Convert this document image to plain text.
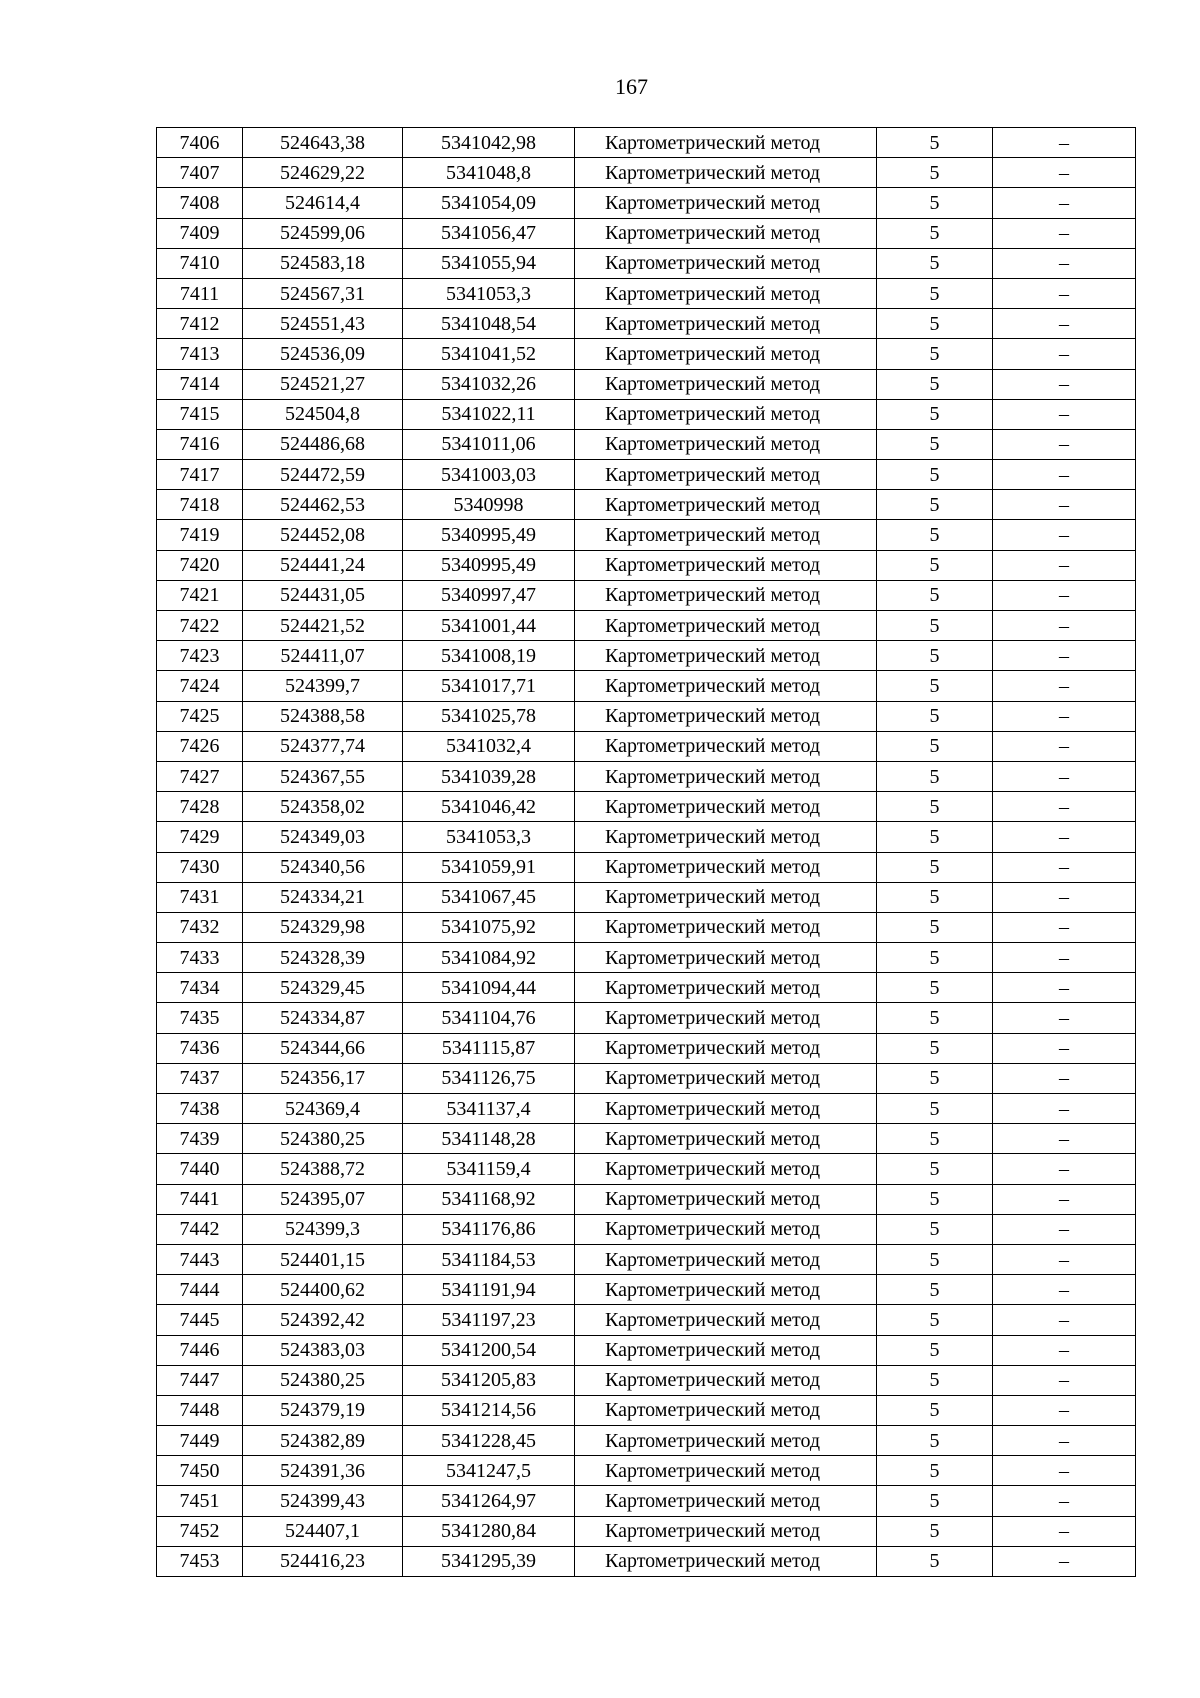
167
7406	524643,38	5341042,98	Картометрический метод	5	–
7407	524629,22	5341048,8	Картометрический метод	5	–
7408	524614,4	5341054,09	Картометрический метод	5	–
7409	524599,06	5341056,47	Картометрический метод	5	–
7410	524583,18	5341055,94	Картометрический метод	5	–
7411	524567,31	5341053,3	Картометрический метод	5	–
7412	524551,43	5341048,54	Картометрический метод	5	–
7413	524536,09	5341041,52	Картометрический метод	5	–
7414	524521,27	5341032,26	Картометрический метод	5	–
7415	524504,8	5341022,11	Картометрический метод	5	–
7416	524486,68	5341011,06	Картометрический метод	5	–
7417	524472,59	5341003,03	Картометрический метод	5	–
7418	524462,53	5340998	Картометрический метод	5	–
7419	524452,08	5340995,49	Картометрический метод	5	–
7420	524441,24	5340995,49	Картометрический метод	5	–
7421	524431,05	5340997,47	Картометрический метод	5	–
7422	524421,52	5341001,44	Картометрический метод	5	–
7423	524411,07	5341008,19	Картометрический метод	5	–
7424	524399,7	5341017,71	Картометрический метод	5	–
7425	524388,58	5341025,78	Картометрический метод	5	–
7426	524377,74	5341032,4	Картометрический метод	5	–
7427	524367,55	5341039,28	Картометрический метод	5	–
7428	524358,02	5341046,42	Картометрический метод	5	–
7429	524349,03	5341053,3	Картометрический метод	5	–
7430	524340,56	5341059,91	Картометрический метод	5	–
7431	524334,21	5341067,45	Картометрический метод	5	–
7432	524329,98	5341075,92	Картометрический метод	5	–
7433	524328,39	5341084,92	Картометрический метод	5	–
7434	524329,45	5341094,44	Картометрический метод	5	–
7435	524334,87	5341104,76	Картометрический метод	5	–
7436	524344,66	5341115,87	Картометрический метод	5	–
7437	524356,17	5341126,75	Картометрический метод	5	–
7438	524369,4	5341137,4	Картометрический метод	5	–
7439	524380,25	5341148,28	Картометрический метод	5	–
7440	524388,72	5341159,4	Картометрический метод	5	–
7441	524395,07	5341168,92	Картометрический метод	5	–
7442	524399,3	5341176,86	Картометрический метод	5	–
7443	524401,15	5341184,53	Картометрический метод	5	–
7444	524400,62	5341191,94	Картометрический метод	5	–
7445	524392,42	5341197,23	Картометрический метод	5	–
7446	524383,03	5341200,54	Картометрический метод	5	–
7447	524380,25	5341205,83	Картометрический метод	5	–
7448	524379,19	5341214,56	Картометрический метод	5	–
7449	524382,89	5341228,45	Картометрический метод	5	–
7450	524391,36	5341247,5	Картометрический метод	5	–
7451	524399,43	5341264,97	Картометрический метод	5	–
7452	524407,1	5341280,84	Картометрический метод	5	–
7453	524416,23	5341295,39	Картометрический метод	5	–
